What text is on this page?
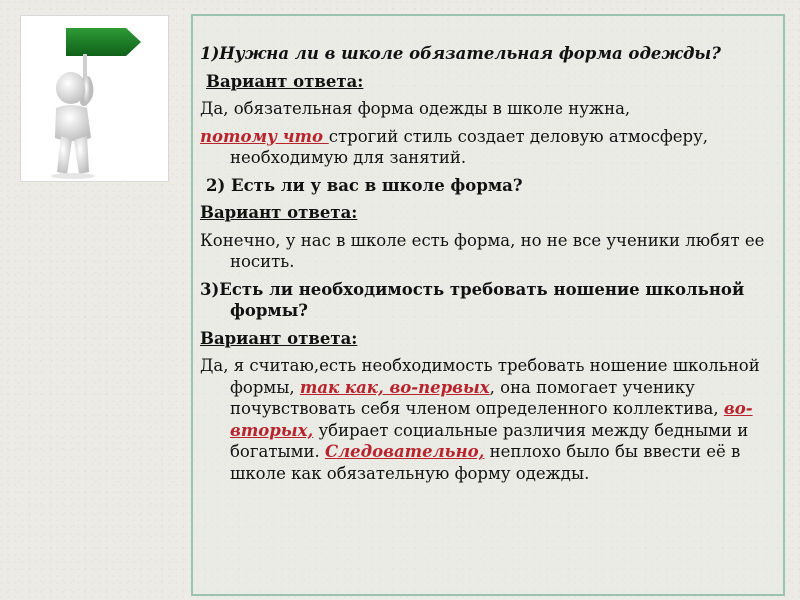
1)Нужна ли в школе обязательная форма одежды?

Вариант ответа:

Да, обязательная форма одежды в школе нужна,

потому что строгий стиль создает деловую атмосферу, необходимую для занятий.

2) Есть ли у вас в школе форма?

Вариант ответа:

Конечно, у нас в школе есть форма, но не все ученики любят ее носить.

3)Есть ли необходимость требовать ношение школьной формы?

Вариант ответа:

Да, я считаю,есть необходимость требовать ношение школьной формы, так как, во-первых, она помогает ученику почувствовать себя членом определенного коллектива, во-вторых, убирает социальные различия между бедными и богатыми. Следовательно, неплохо было бы ввести её в школе как обязательную форму одежды.
